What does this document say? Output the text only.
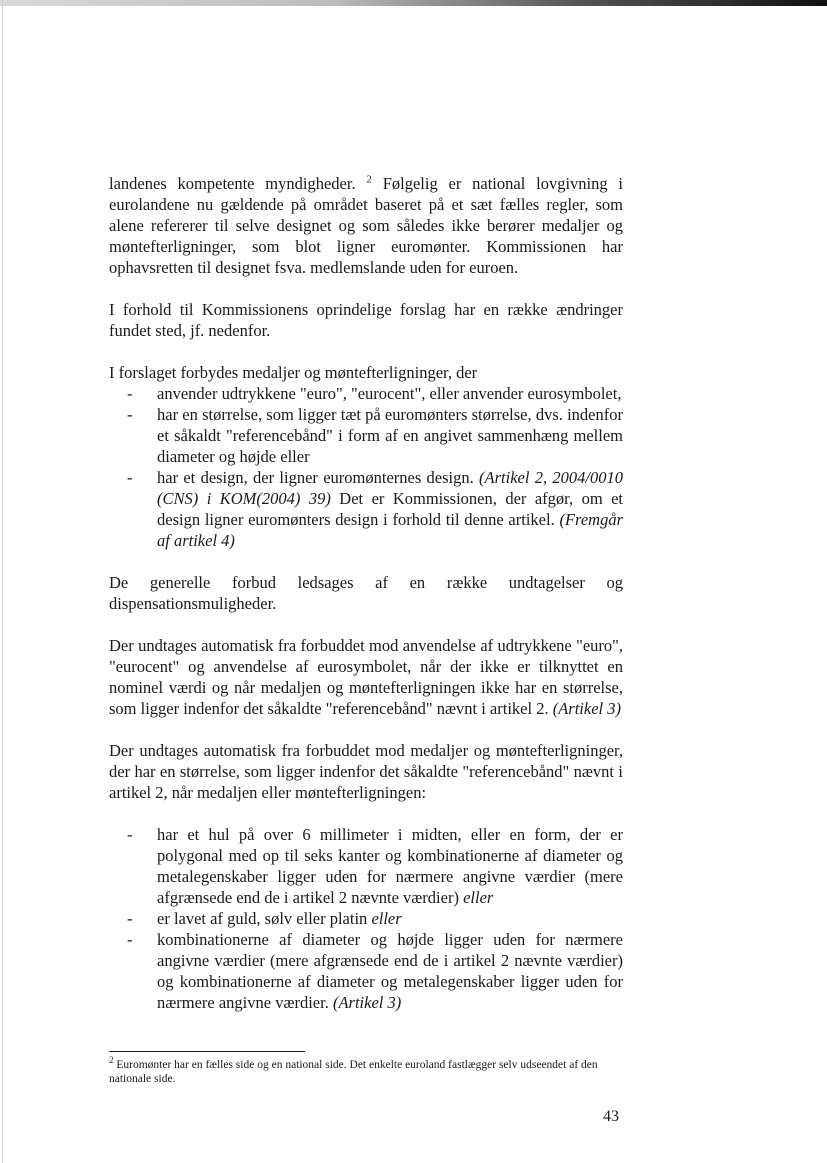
landenes kompetente myndigheder. $^2$ Følgelig er national lovgivning i eurolandene nu gældende på området baseret på et sæt fælles regler, som alene refererer til selve designet og som således ikke berører medaljer og møntefterligninger, som blot ligner euromønter. Kommissionen har ophavsretten til designet fsva. medlemslande uden for euroen.

I forhold til Kommissionens oprindelige forslag har en række ændringer fundet sted, jf. nedenfor.

I forslaget forbydes medaljer og møntefterligninger, der

- anvender udtrykkene "euro", "eurocent", eller anvender eurosymbolet,
- har en størrelse, som ligger tæt på euromønters størrelse, dvs. indenfor et såkaldt "referencebånd" i form af en angivet sammenhæng mellem diameter og højde eller
- har et design, der ligner euromønternes design. (Artikel 2, 2004/0010 (CNS) i KOM(2004) 39) Det er Kommissionen, der afgør, om et design ligner euromønters design i forhold til denne artikel. (Fremgår af artikel 4)

De generelle forbud ledsages af en række undtagelser og dispensationsmuligheder.

Der undtages automatisk fra forbuddet mod anvendelse af udtrykkene "euro", "eurocent" og anvendelse af eurosymbolet, når der ikke er tilknyttet en nominel værdi og når medaljen og møntefterligningen ikke har en størrelse, som ligger indenfor det såkaldte "referencebånd" nævnt i artikel 2. (Artikel 3)

Der undtages automatisk fra forbuddet mod medaljer og møntefterligninger, der har en størrelse, som ligger indenfor det såkaldte "referencebånd" nævnt i artikel 2, når medaljen eller møntefterligningen:

- har et hul på over 6 millimeter i midten, eller en form, der er polygonal med op til seks kanter og kombinationerne af diameter og metalegenskaber ligger uden for nærmere angivne værdier (mere afgrænsede end de i artikel 2 nævnte værdier) eller
- er lavet af guld, sølv eller platin eller
- kombinationerne af diameter og højde ligger uden for nærmere angivne værdier (mere afgrænsede end de i artikel 2 nævnte værdier) og kombinationerne af diameter og metalegenskaber ligger uden for nærmere angivne værdier. (Artikel 3)
$^2$ Euromønter har en fælles side og en national side. Det enkelte euroland fastlægger selv udseendet af den nationale side.
43
